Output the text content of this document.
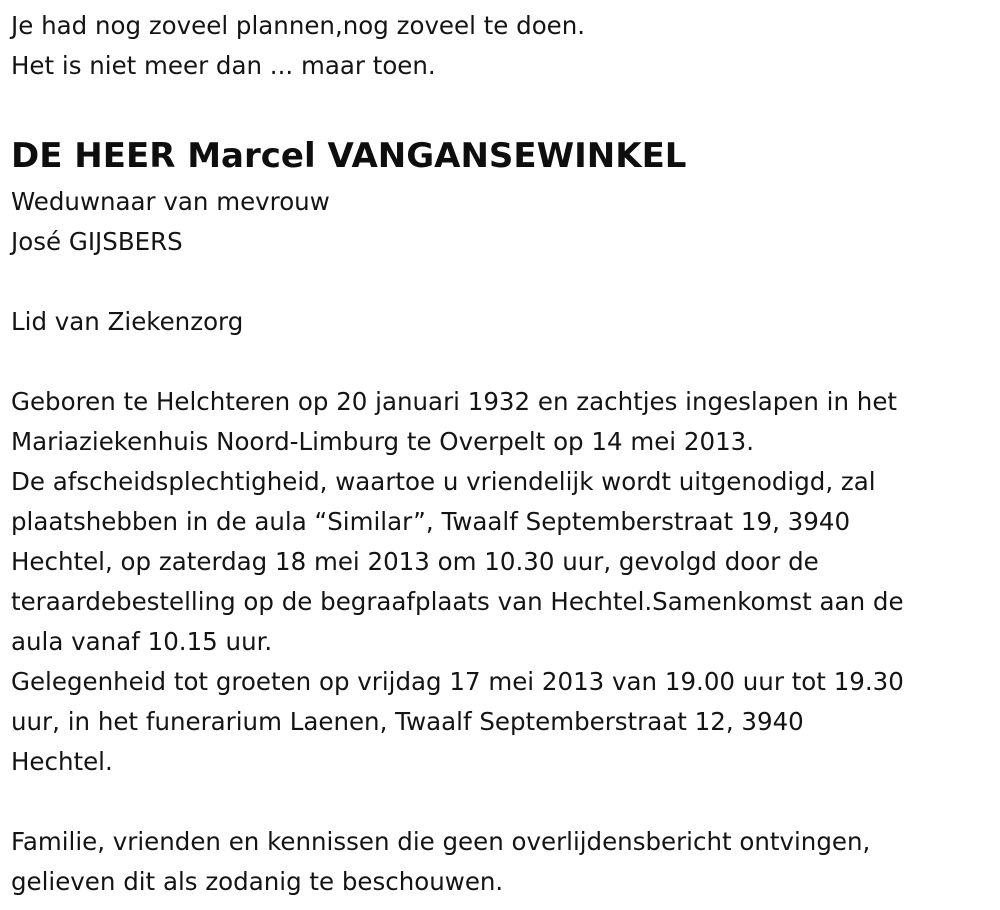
Je had nog zoveel plannen,nog zoveel te doen.
Het is niet meer dan ... maar toen.
DE HEER Marcel VANGANSEWINKEL
Weduwnaar van mevrouw
José GIJSBERS
Lid van Ziekenzorg
Geboren te Helchteren op 20 januari 1932 en zachtjes ingeslapen in het
Mariaziekenhuis Noord-Limburg te Overpelt op 14 mei 2013.
De afscheidsplechtigheid, waartoe u vriendelijk wordt uitgenodigd, zal
plaatshebben in de aula “Similar”, Twaalf Septemberstraat 19, 3940
Hechtel, op zaterdag 18 mei 2013 om 10.30 uur, gevolgd door de
teraardebestelling op de begraafplaats van Hechtel.Samenkomst aan de
aula vanaf 10.15 uur.
Gelegenheid tot groeten op vrijdag 17 mei 2013 van 19.00 uur tot 19.30
uur, in het funerarium Laenen, Twaalf Septemberstraat 12, 3940
Hechtel.
Familie, vrienden en kennissen die geen overlijdensbericht ontvingen,
gelieven dit als zodanig te beschouwen.
